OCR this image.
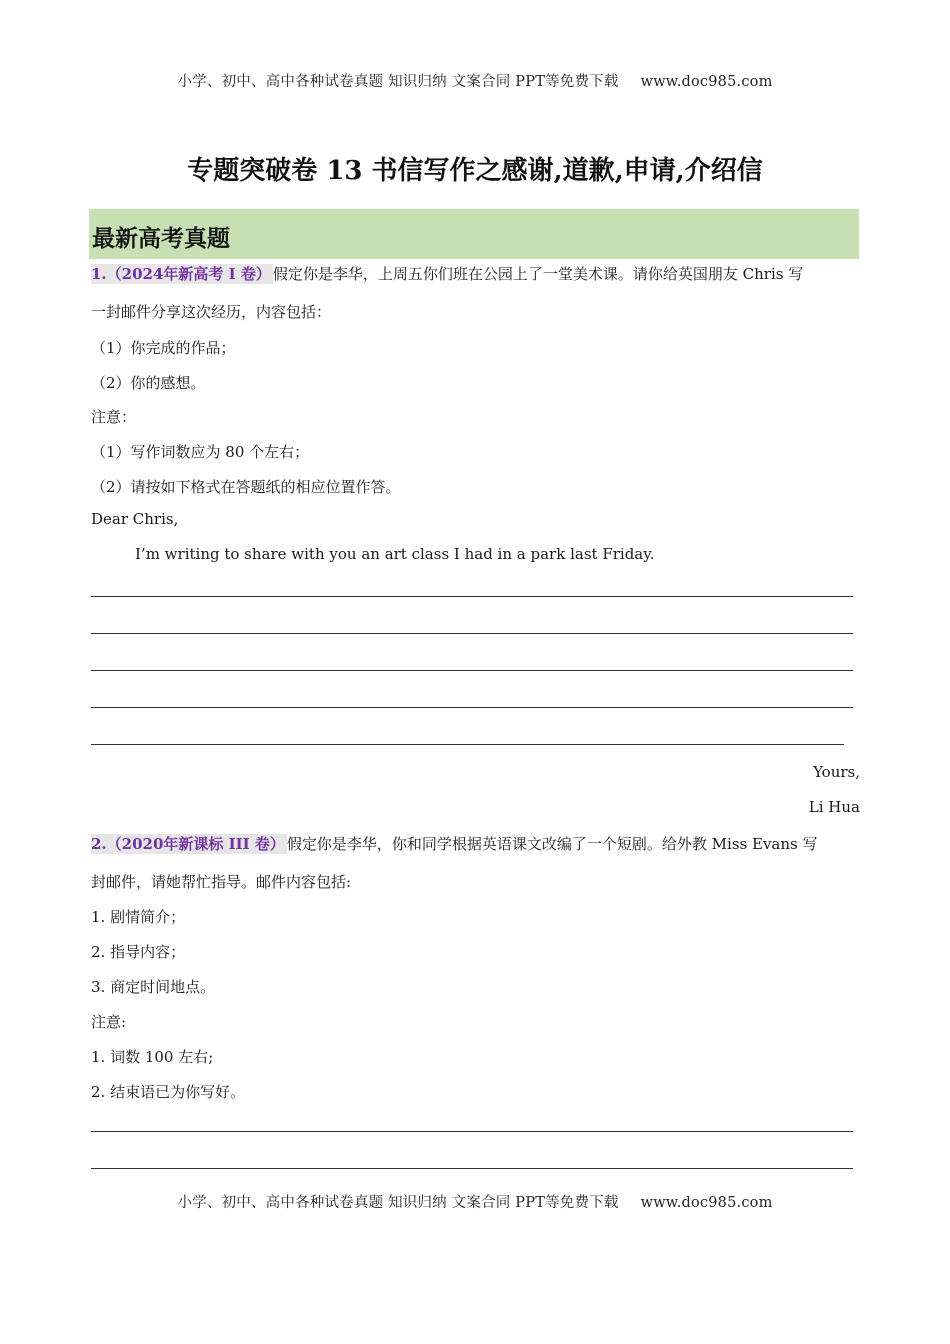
小学、初中、高中各种试卷真题 知识归纳 文案合同 PPT等免费下载 www.doc985.com
专题突破卷 13 书信写作之感谢,道歉,申请,介绍信
最新高考真题
1.（2024年新高考 I 卷） 假定你是李华，上周五你们班在公园上了一堂美术课。请你给英国朋友 Chris 写
一封邮件分享这次经历，内容包括：
（1）你完成的作品；
（2）你的感想。
注意：
（1）写作词数应为 80 个左右；
（2）请按如下格式在答题纸的相应位置作答。
Dear Chris,
I’m writing to share with you an art class I had in a park last Friday.
Yours,
Li Hua
2.（2020年新课标 III 卷） 假定你是李华，你和同学根据英语课文改编了一个短剧。给外教 Miss Evans 写
封邮件，请她帮忙指导。邮件内容包括:
1. 剧情简介；
2. 指导内容；
3. 商定时间地点。
注意:
1. 词数 100 左右;
2. 结束语已为你写好。
小学、初中、高中各种试卷真题 知识归纳 文案合同 PPT等免费下载 www.doc985.com
